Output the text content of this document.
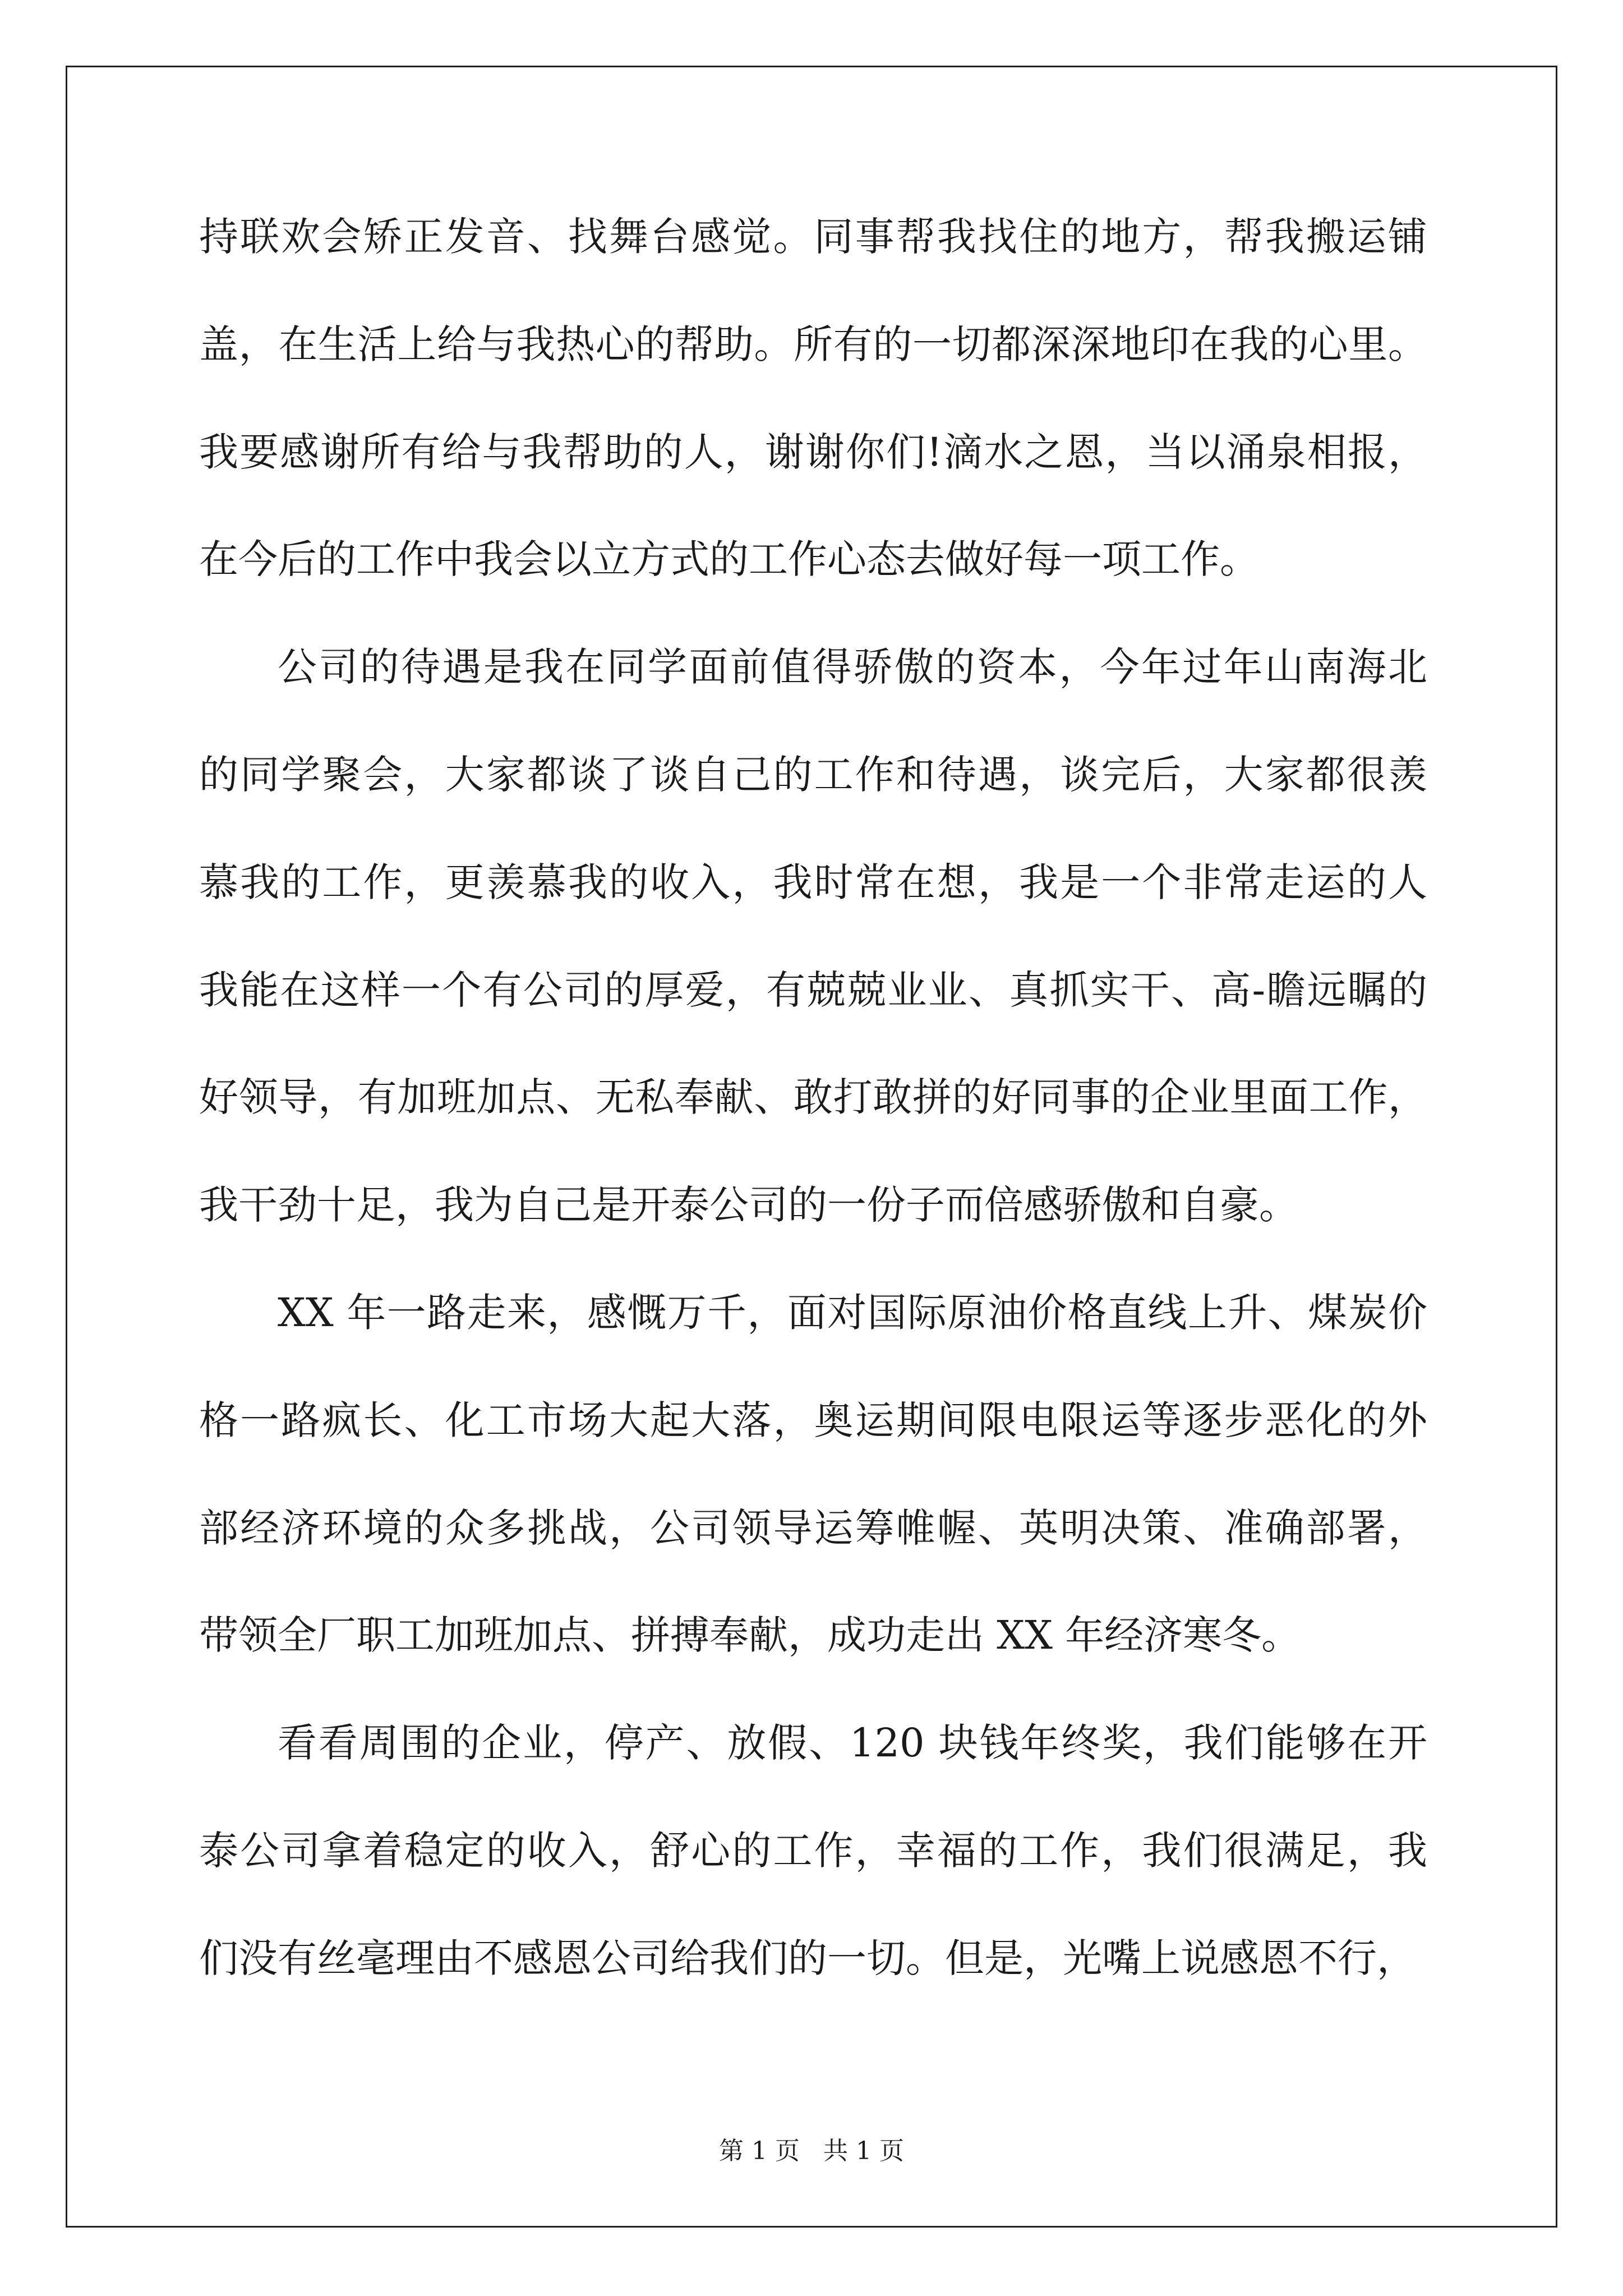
持联欢会矫正发音、找舞台感觉。同事帮我找住的地方，帮我搬运铺
盖，在生活上给与我热心的帮助。所有的一切都深深地印在我的心里。
我要感谢所有给与我帮助的人，谢谢你们!滴水之恩，当以涌泉相报，
在今后的工作中我会以立方式的工作心态去做好每一项工作。
公司的待遇是我在同学面前值得骄傲的资本，今年过年山南海北
的同学聚会，大家都谈了谈自己的工作和待遇，谈完后，大家都很羡
慕我的工作，更羡慕我的收入，我时常在想，我是一个非常走运的人
我能在这样一个有公司的厚爱，有兢兢业业、真抓实干、高-瞻远瞩的
好领导，有加班加点、无私奉献、敢打敢拼的好同事的企业里面工作，
我干劲十足，我为自己是开泰公司的一份子而倍感骄傲和自豪。
XX 年一路走来，感慨万千，面对国际原油价格直线上升、煤炭价
格一路疯长、化工市场大起大落，奥运期间限电限运等逐步恶化的外
部经济环境的众多挑战，公司领导运筹帷幄、英明决策、准确部署，
带领全厂职工加班加点、拼搏奉献，成功走出 XX 年经济寒冬。
看看周围的企业，停产、放假、120 块钱年终奖，我们能够在开
泰公司拿着稳定的收入，舒心的工作，幸福的工作，我们很满足，我
们没有丝毫理由不感恩公司给我们的一切。但是，光嘴上说感恩不行，
第 1 页 共 1 页
